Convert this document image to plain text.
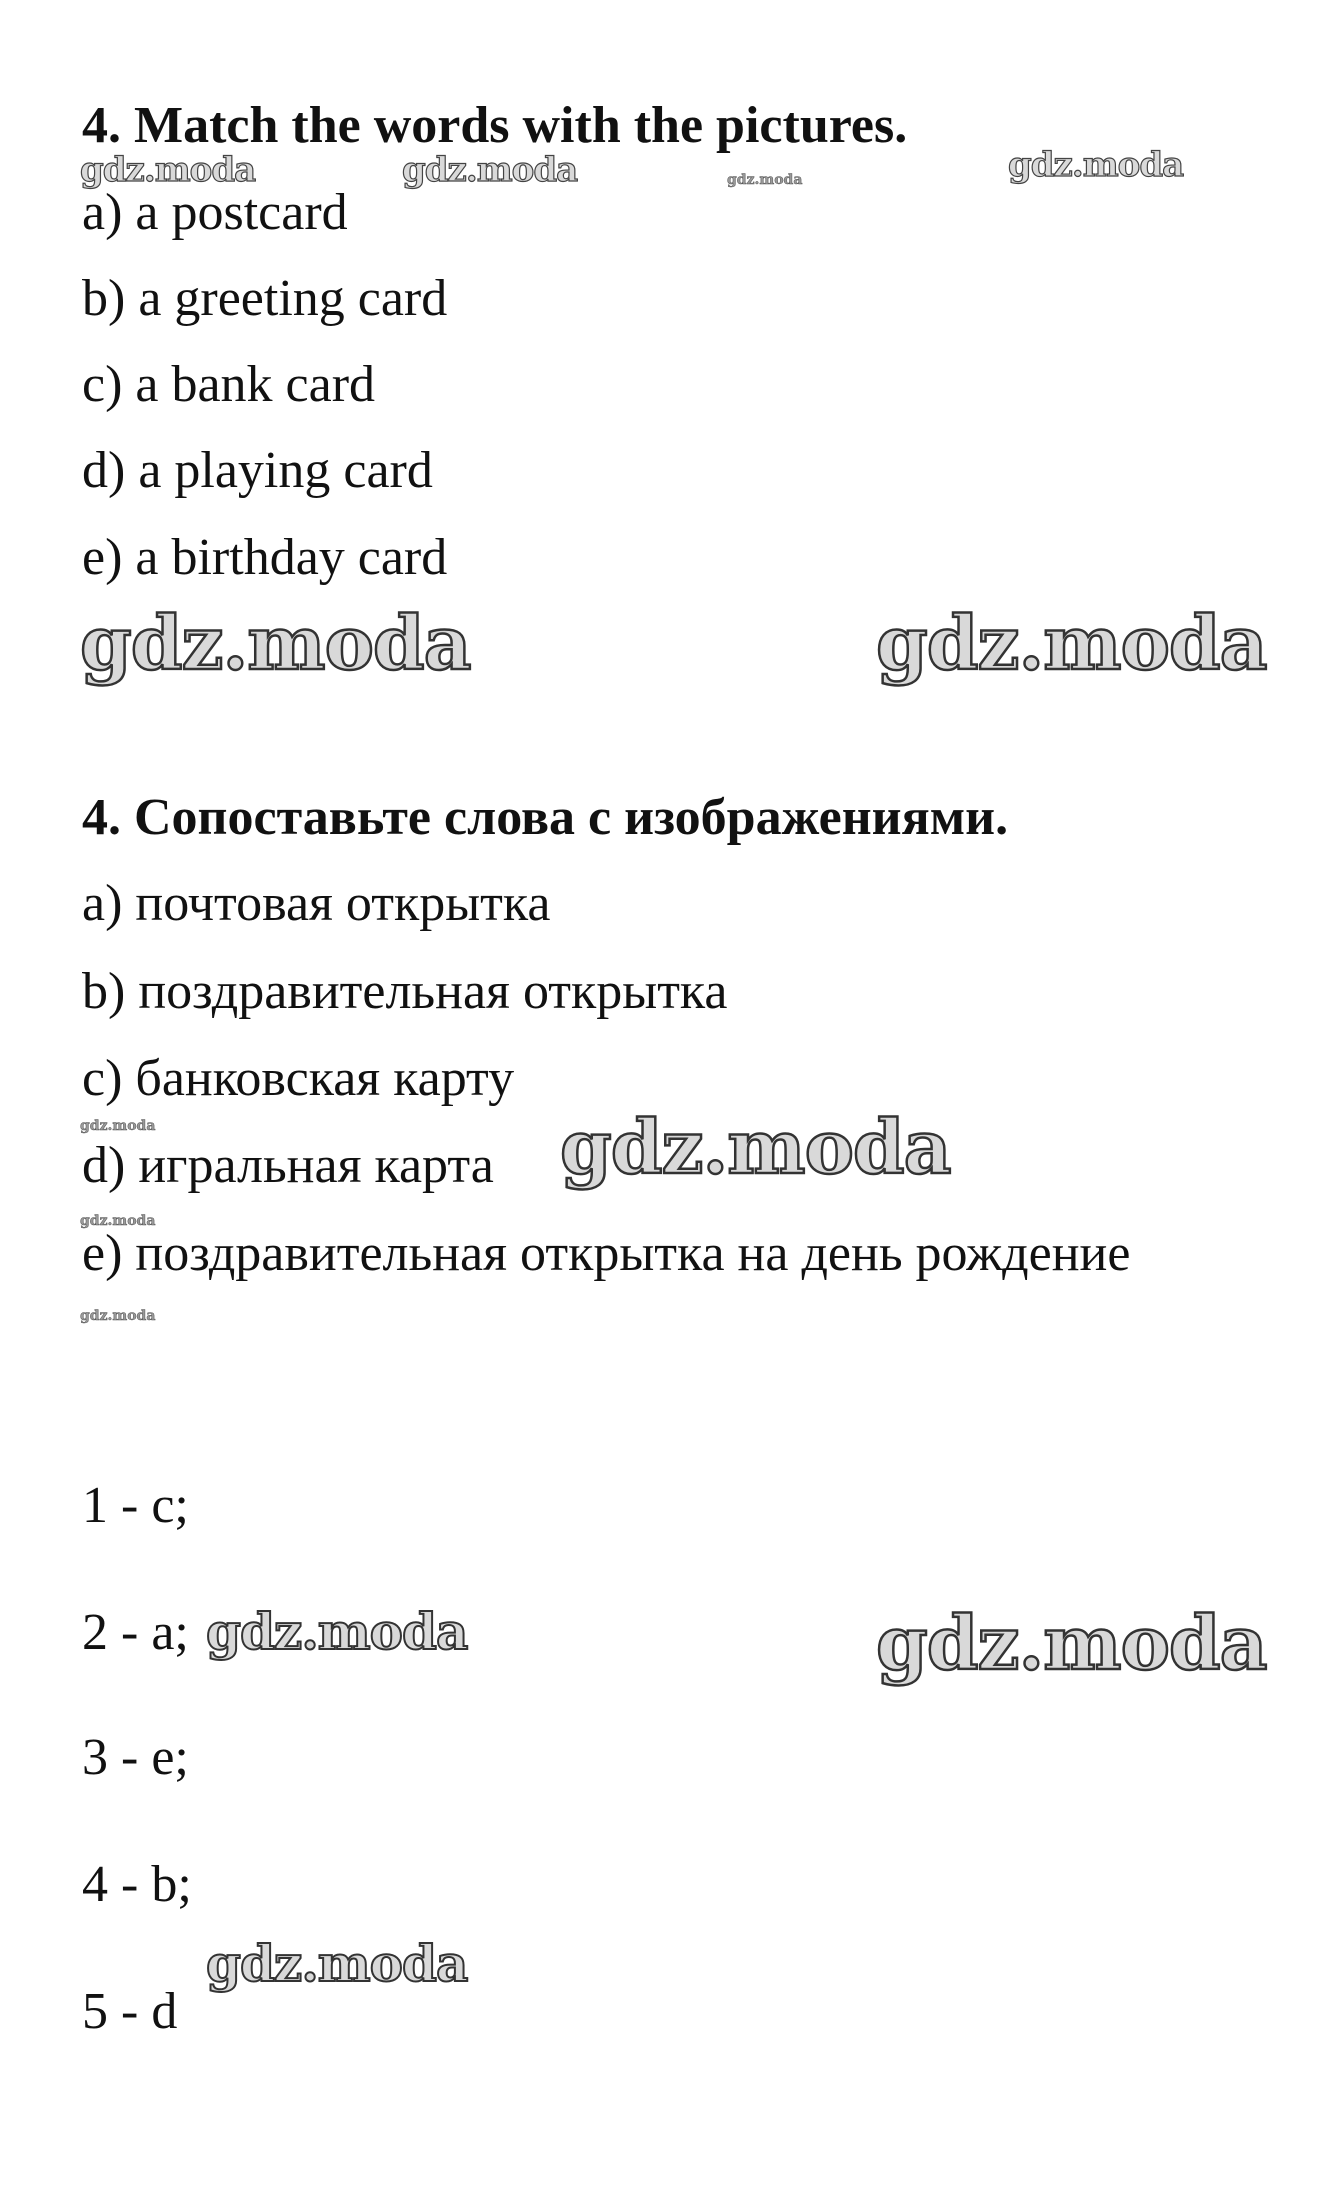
4. Match the words with the pictures.
a) a postcard
b) a greeting card
c) a bank card
d) a playing card
e) a birthday card
4. Сопоставьте слова с изображениями.
a) почтовая открытка
b) поздравительная открытка
c) банковская карту
d) игральная карта
e) поздравительная открытка на день рождение
1 - c;
2 - a;
3 - e;
4 - b;
5 - d
gdz.moda	gdz.moda	gdz.moda	gdz.moda
gdz.moda	gdz.moda
gdz.moda	gdz.moda
gdz.moda
gdz.moda
gdz.moda	gdz.moda
gdz.moda
